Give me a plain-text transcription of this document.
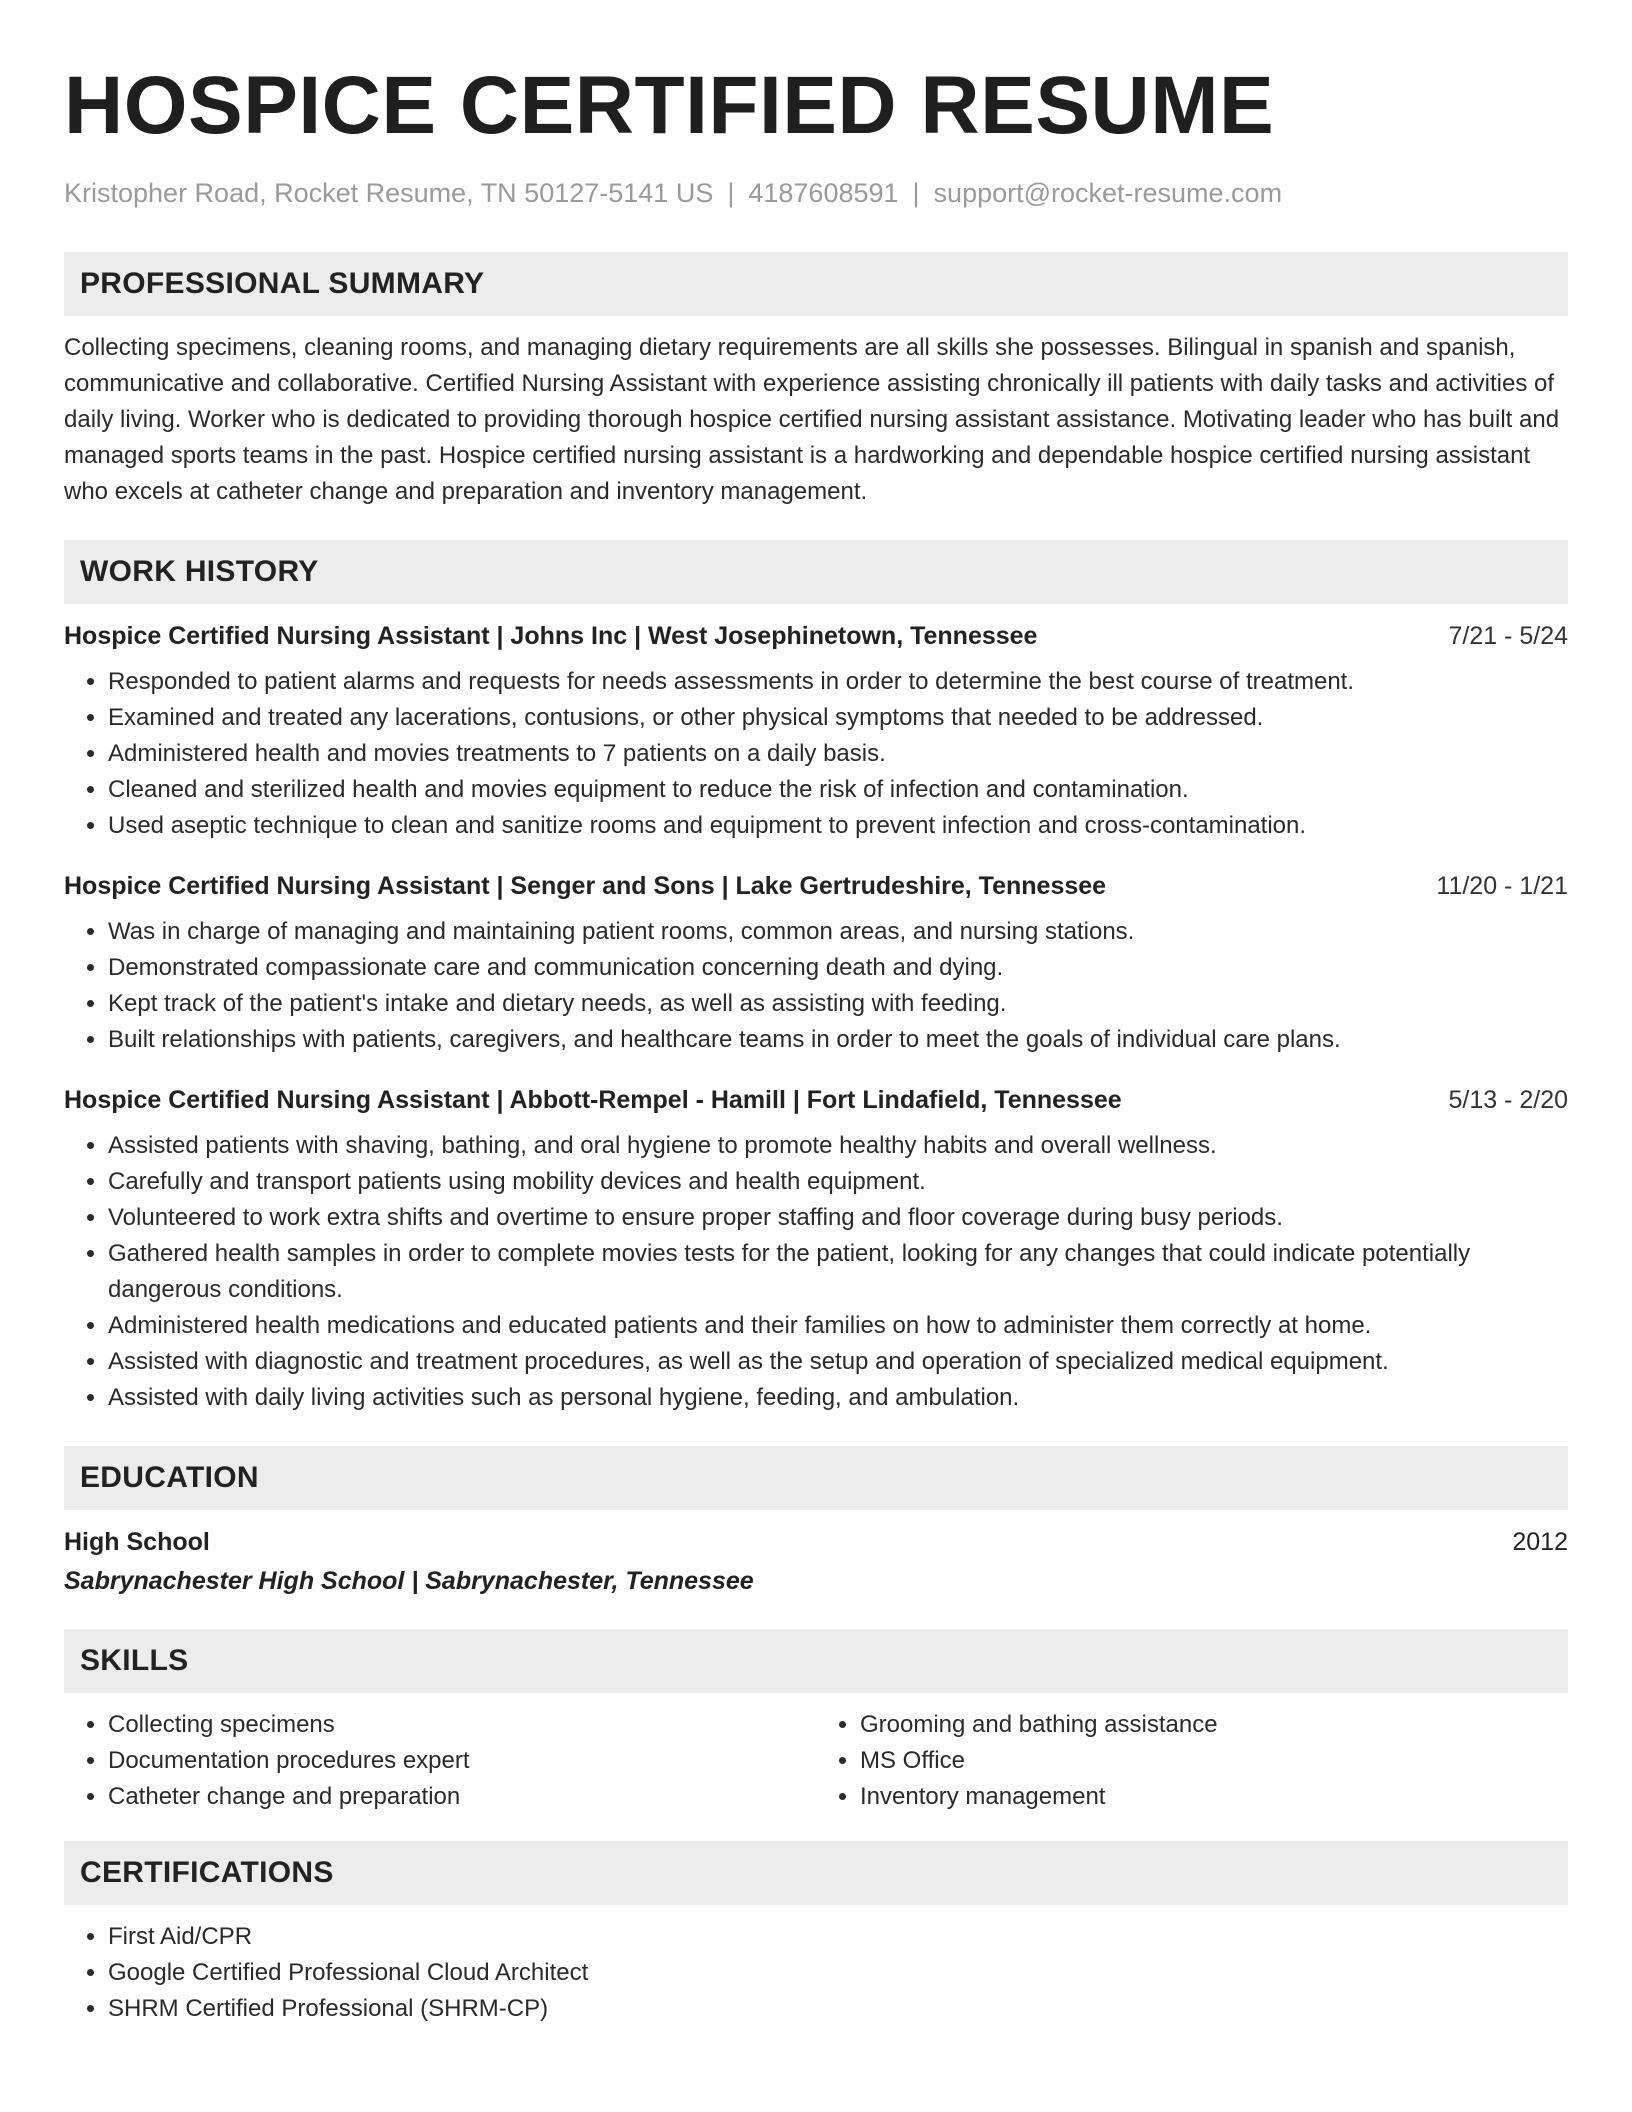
HOSPICE CERTIFIED RESUME
Kristopher Road, Rocket Resume, TN 50127-5141 US | 4187608591 | support@rocket-resume.com
PROFESSIONAL SUMMARY

Collecting specimens, cleaning rooms, and managing dietary requirements are all skills she possesses. Bilingual in spanish and spanish, communicative and collaborative. Certified Nursing Assistant with experience assisting chronically ill patients with daily tasks and activities of daily living. Worker who is dedicated to providing thorough hospice certified nursing assistant assistance. Motivating leader who has built and managed sports teams in the past. Hospice certified nursing assistant is a hardworking and dependable hospice certified nursing assistant who excels at catheter change and preparation and inventory management.

WORK HISTORY
Hospice Certified Nursing Assistant | Johns Inc | West Josephinetown, Tennessee	7/21 - 5/24
• Responded to patient alarms and requests for needs assessments in order to determine the best course of treatment.
• Examined and treated any lacerations, contusions, or other physical symptoms that needed to be addressed.
• Administered health and movies treatments to 7 patients on a daily basis.
• Cleaned and sterilized health and movies equipment to reduce the risk of infection and contamination.
• Used aseptic technique to clean and sanitize rooms and equipment to prevent infection and cross-contamination.
Hospice Certified Nursing Assistant | Senger and Sons | Lake Gertrudeshire, Tennessee	11/20 - 1/21
• Was in charge of managing and maintaining patient rooms, common areas, and nursing stations.
• Demonstrated compassionate care and communication concerning death and dying.
• Kept track of the patient's intake and dietary needs, as well as assisting with feeding.
• Built relationships with patients, caregivers, and healthcare teams in order to meet the goals of individual care plans.
Hospice Certified Nursing Assistant | Abbott-Rempel - Hamill | Fort Lindafield, Tennessee	5/13 - 2/20
• Assisted patients with shaving, bathing, and oral hygiene to promote healthy habits and overall wellness.
• Carefully and transport patients using mobility devices and health equipment.
• Volunteered to work extra shifts and overtime to ensure proper staffing and floor coverage during busy periods.
• Gathered health samples in order to complete movies tests for the patient, looking for any changes that could indicate potentially dangerous conditions.
• Administered health medications and educated patients and their families on how to administer them correctly at home.
• Assisted with diagnostic and treatment procedures, as well as the setup and operation of specialized medical equipment.
• Assisted with daily living activities such as personal hygiene, feeding, and ambulation.
EDUCATION
High School	2012
Sabrynachester High School | Sabrynachester, Tennessee
SKILLS
• Collecting specimens
• Documentation procedures expert
• Catheter change and preparation
• Grooming and bathing assistance
• MS Office
• Inventory management
CERTIFICATIONS
• First Aid/CPR
• Google Certified Professional Cloud Architect
• SHRM Certified Professional (SHRM-CP)
